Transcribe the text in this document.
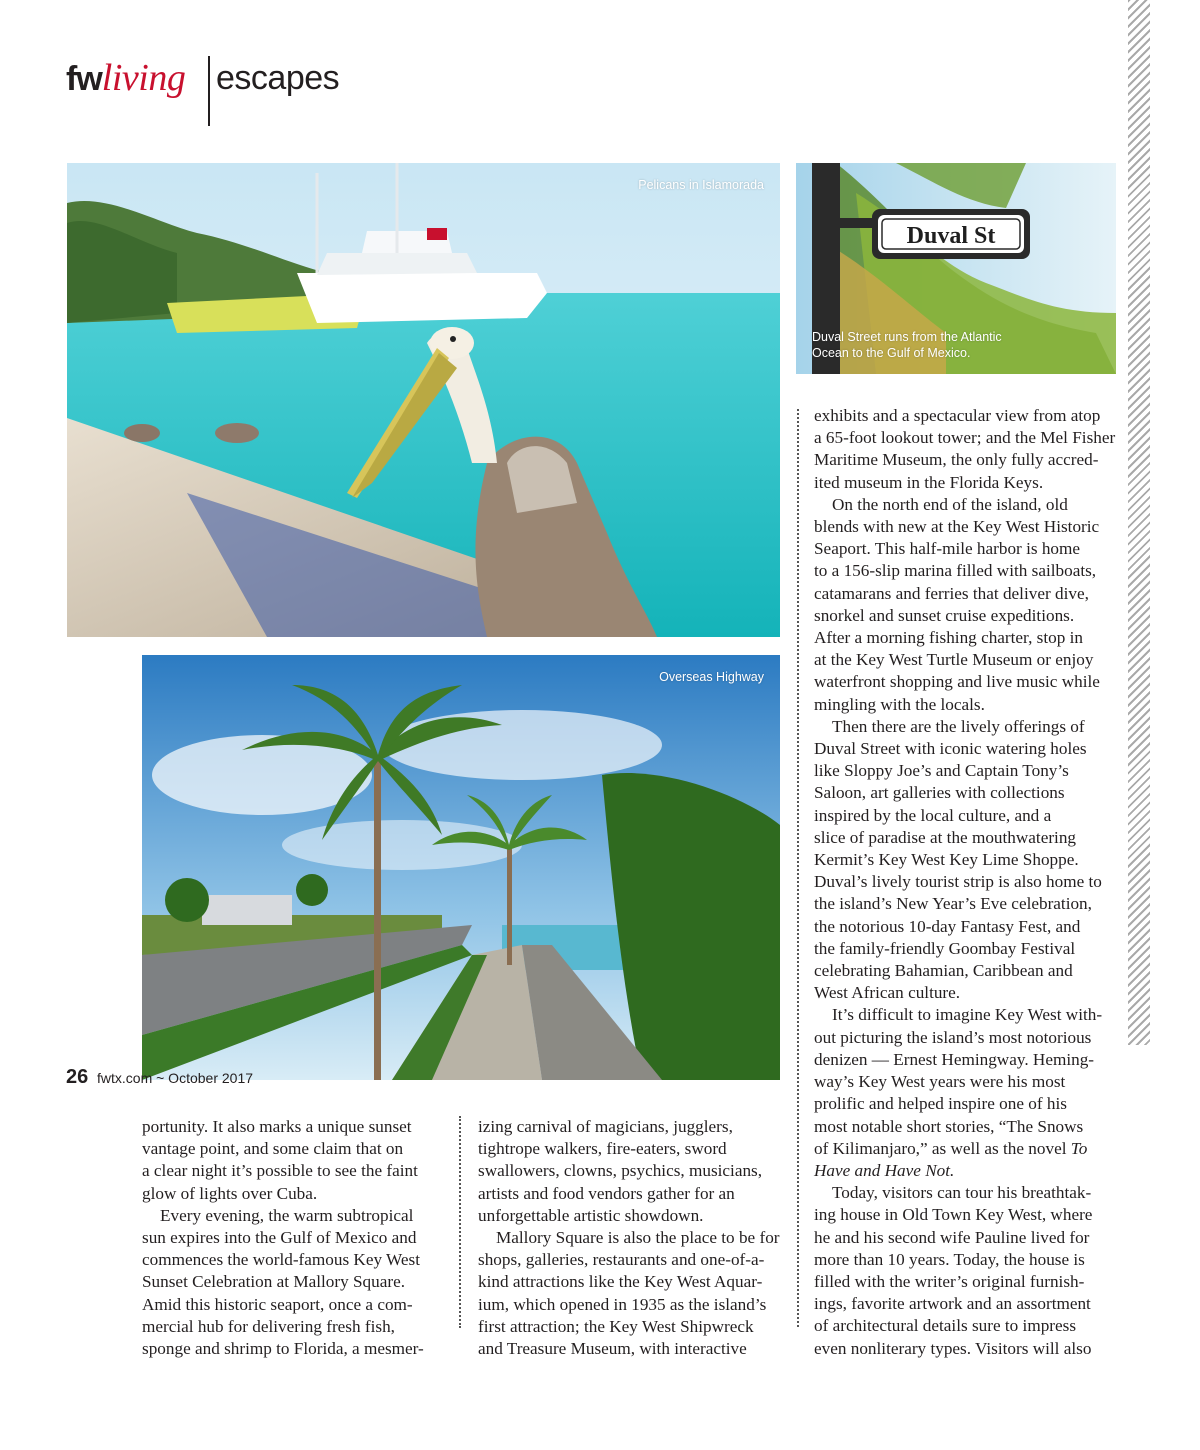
fwliving escapes
Pelicans in Islamorada
Duval St
Duval Street runs from the Atlantic
Ocean to the Gulf of Mexico.
Overseas Highway
portunity. It also marks a unique sunset
vantage point, and some claim that on
a clear night it’s possible to see the faint
glow of lights over Cuba.
Every evening, the warm subtropical
sun expires into the Gulf of Mexico and
commences the world-famous Key West
Sunset Celebration at Mallory Square.
Amid this historic seaport, once a com-
mercial hub for delivering fresh fish,
sponge and shrimp to Florida, a mesmer-
izing carnival of magicians, jugglers,
tightrope walkers, fire-eaters, sword
swallowers, clowns, psychics, musicians,
artists and food vendors gather for an
unforgettable artistic showdown.
Mallory Square is also the place to be for
shops, galleries, restaurants and one-of-a-
kind attractions like the Key West Aquar-
ium, which opened in 1935 as the island’s
first attraction; the Key West Shipwreck
and Treasure Museum, with interactive
exhibits and a spectacular view from atop
a 65-foot lookout tower; and the Mel Fisher
Maritime Museum, the only fully accred-
ited museum in the Florida Keys.
On the north end of the island, old
blends with new at the Key West Historic
Seaport. This half-mile harbor is home
to a 156-slip marina filled with sailboats,
catamarans and ferries that deliver dive,
snorkel and sunset cruise expeditions.
After a morning fishing charter, stop in
at the Key West Turtle Museum or enjoy
waterfront shopping and live music while
mingling with the locals.
Then there are the lively offerings of
Duval Street with iconic watering holes
like Sloppy Joe’s and Captain Tony’s
Saloon, art galleries with collections
inspired by the local culture, and a
slice of paradise at the mouthwatering
Kermit’s Key West Key Lime Shoppe.
Duval’s lively tourist strip is also home to
the island’s New Year’s Eve celebration,
the notorious 10-day Fantasy Fest, and
the family-friendly Goombay Festival
celebrating Bahamian, Caribbean and
West African culture.
It’s difficult to imagine Key West with-
out picturing the island’s most notorious
denizen — Ernest Hemingway. Heming-
way’s Key West years were his most
prolific and helped inspire one of his
most notable short stories, “The Snows
of Kilimanjaro,” as well as the novel To
Have and Have Not.
Today, visitors can tour his breathtak-
ing house in Old Town Key West, where
he and his second wife Pauline lived for
more than 10 years. Today, the house is
filled with the writer’s original furnish-
ings, favorite artwork and an assortment
of architectural details sure to impress
even nonliterary types. Visitors will also
26 fwtx.com ~ October 2017
